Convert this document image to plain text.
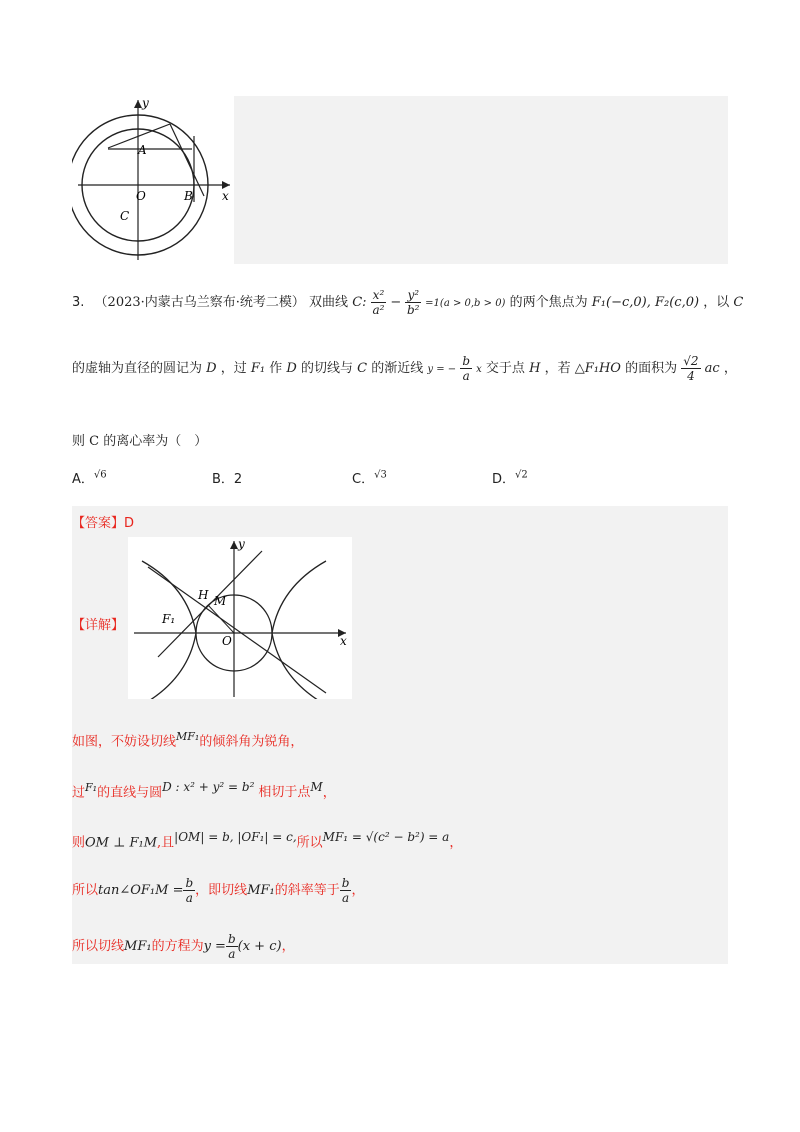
y
A
O	B x
C
3. （2023·内蒙古乌兰察布·统考二模） 双曲线 C: $\frac{\text{x²}}{\text{a²}} - \frac{\text{y²}}{\text{b²}} =1(a > 0,b > 0)$ 的两个焦点为 F₁(−c,0), F₂(c,0) ，以 C
的虚轴为直径的圆记为 D ，过 F₁ 作 D 的切线与 C 的渐近线 y = − $\frac{b}{a}$ x 交于点 H ，若 △F₁HO 的面积为 $\frac{√2}{4}$ ac ，
则 C 的离心率为（　）
A．$^{√6}$	B．2	C．$^{√3}$	D．$^{√2}$
【答案】D
y
H M
F₁
O	x
【详解】
如图，不妨设切线$^{MF_1}$的倾斜角为锐角，
过$^{F_1}$的直线与圆D : x² + y² = b² 相切于点M，
则OM ⊥ F₁M,且|OM| = b, |OF₁| = c,所以MF₁ = √(c² − b²) = a，
所以tan∠OF₁M = $\frac{b}{a}$ ，即切线MF₁的斜率等于 $\frac{b}{a}$ ，
所以切线MF₁的方程为$y = \frac{b}{a} (x + c)$，
